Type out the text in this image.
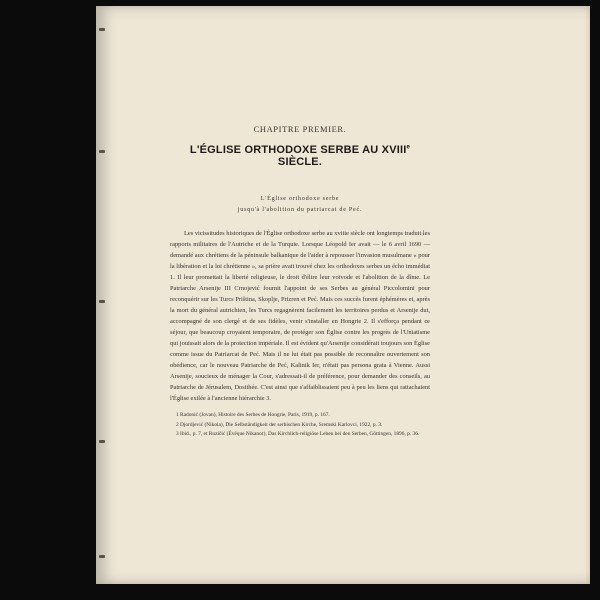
CHAPITRE PREMIER.
L'ÉGLISE ORTHODOXE SERBE AU XVIIIe SIÈCLE.
L'Église orthodoxe serbe
jusqu'à l'abolition du patriarcat de Peć.

Les vicissitudes historiques de l'Église orthodoxe serbe au xviiie siècle ont longtemps traduit les rapports militaires de l'Autriche et de la Turquie. Lorsque Léopold Ier avait — le 6 avril 1690 — demandé aux chrétiens de la péninsule balkanique de l'aider à repousser l'invasion musulmane « pour la libération et la loi chrétienne », sa prière avait trouvé chez les orthodoxes serbes un écho immédiat 1. Il leur promettait la liberté religieuse, le droit d'élire leur voïvode et l'abolition de la dîme. Le Patriarche Arsenije III Crnojević fournit l'appoint de ses Serbes au général Piccolomini pour reconquérir sur les Turcs Priština, Skoplje, Prizren et Peć. Mais ces succès furent éphémères et, après la mort du général autrichien, les Turcs regagnèrent facilement les territoires perdus et Arsenije dut, accompagné de son clergé et de ses fidèles, venir s'installer en Hongrie 2. Il s'efforça pendant ce séjour, que beaucoup croyaient temporaire, de protéger son Église contre les progrès de l'Uniatisme qui jouissait alors de la protection impériale. Il est évident qu'Arsenije considérait toujours son Église comme issue du Patriarcat de Peć. Mais il ne lui était pas possible de reconnaître ouvertement son obédience, car le nouveau Patriarche de Peć, Kalinik Ier, n'était pas persona grata à Vienne. Aussi Arsenije, soucieux de ménager la Cour, s'adressait-il de préférence, pour demander des conseils, au Patriarche de Jérusalem, Dosithée. C'est ainsi que s'affaiblissaient peu à peu les liens qui rattachaient l'Église exilée à l'ancienne hiérarchie 3.

1 Radonić (Jovan), Histoire des Serbes de Hongrie, Paris, 1919, p. 167.
2 Djordjević (Nikola), Die Selbständigkeit der serbischen Kirche, Sremski Karlovci, 1922, p. 3.
3 Ibid., p. 7, et Ruzičić (Évêque Nikanor), Das Kirchlich-religiöse Leben bei den Serben, Göttingen, 1896, p. 36.
